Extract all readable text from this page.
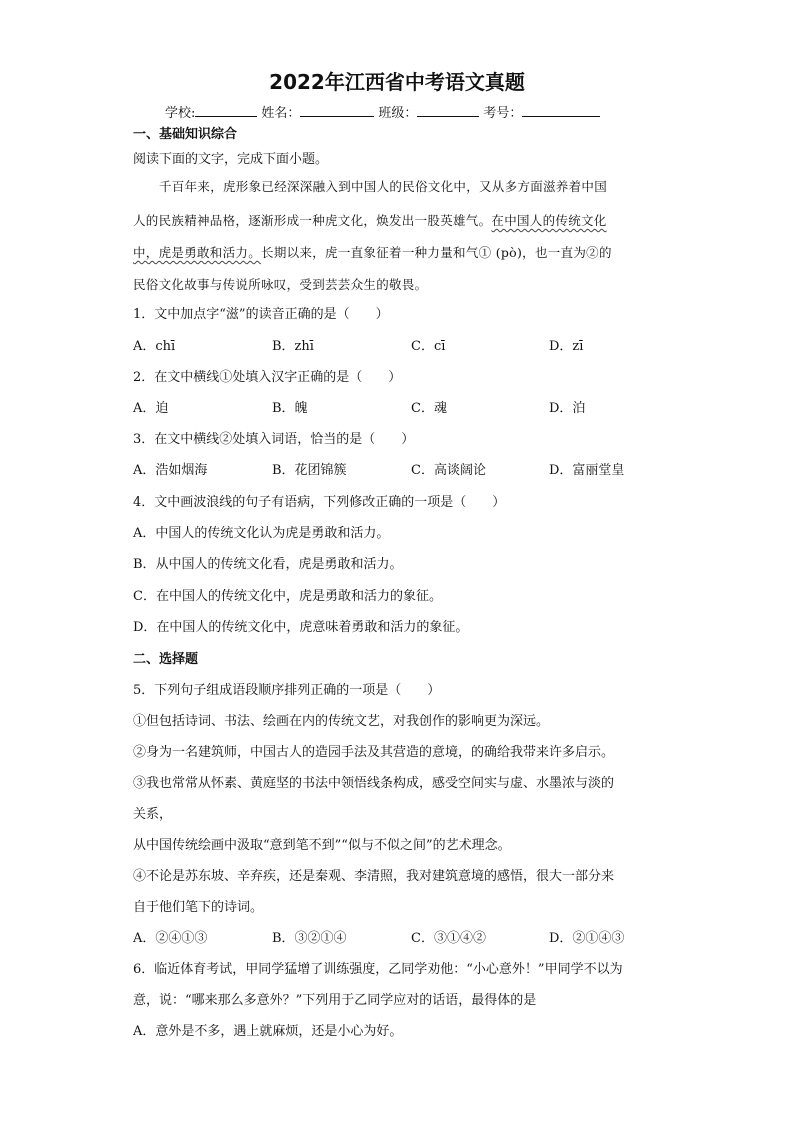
2022年江西省中考语文真题
学校:	姓名：	班级：	考号：
一、基础知识综合
阅读下面的文字，完成下面小题。
千百年来，虎形象已经深深融入到中国人的民俗文化中，又从多方面滋养着中国
人的民族精神品格，逐渐形成一种虎文化，焕发出一股英雄气。在中国人的传统文化
中，虎是勇敢和活力。长期以来，虎一直象征着一种力量和气① (pò)，也一直为②的
民俗文化故事与传说所咏叹，受到芸芸众生的敬畏。
1．文中加点字“滋”的读音正确的是（　　）
A．chī	B．zhī	C．cī	D．zī
2．在文中横线①处填入汉字正确的是（　　）
A．迫	B．魄	C．魂	D．泊
3．在文中横线②处填入词语，恰当的是（　　）
A．浩如烟海	B．花团锦簇	C．高谈阔论	D．富丽堂皇
4．文中画波浪线的句子有语病，下列修改正确的一项是（　　）
A．中国人的传统文化认为虎是勇敢和活力。
B．从中国人的传统文化看，虎是勇敢和活力。
C．在中国人的传统文化中，虎是勇敢和活力的象征。
D．在中国人的传统文化中，虎意味着勇敢和活力的象征。
二、选择题
5．下列句子组成语段顺序排列正确的一项是（　　）
①但包括诗词、书法、绘画在内的传统文艺，对我创作的影响更为深远。
②身为一名建筑师，中国古人的造园手法及其营造的意境，的确给我带来许多启示。
③我也常常从怀素、黄庭坚的书法中领悟线条构成，感受空间实与虚、水墨浓与淡的
关系，
从中国传统绘画中汲取“意到笔不到”“似与不似之间”的艺术理念。
④不论是苏东坡、辛弃疾，还是秦观、李清照，我对建筑意境的感悟，很大一部分来
自于他们笔下的诗词。
A．②④①③	B．③②①④	C．③①④②	D．②①④③
6．临近体育考试，甲同学猛增了训练强度，乙同学劝他：“小心意外！”甲同学不以为
意，说：“哪来那么多意外？”下列用于乙同学应对的话语，最得体的是
A．意外是不多，遇上就麻烦，还是小心为好。
